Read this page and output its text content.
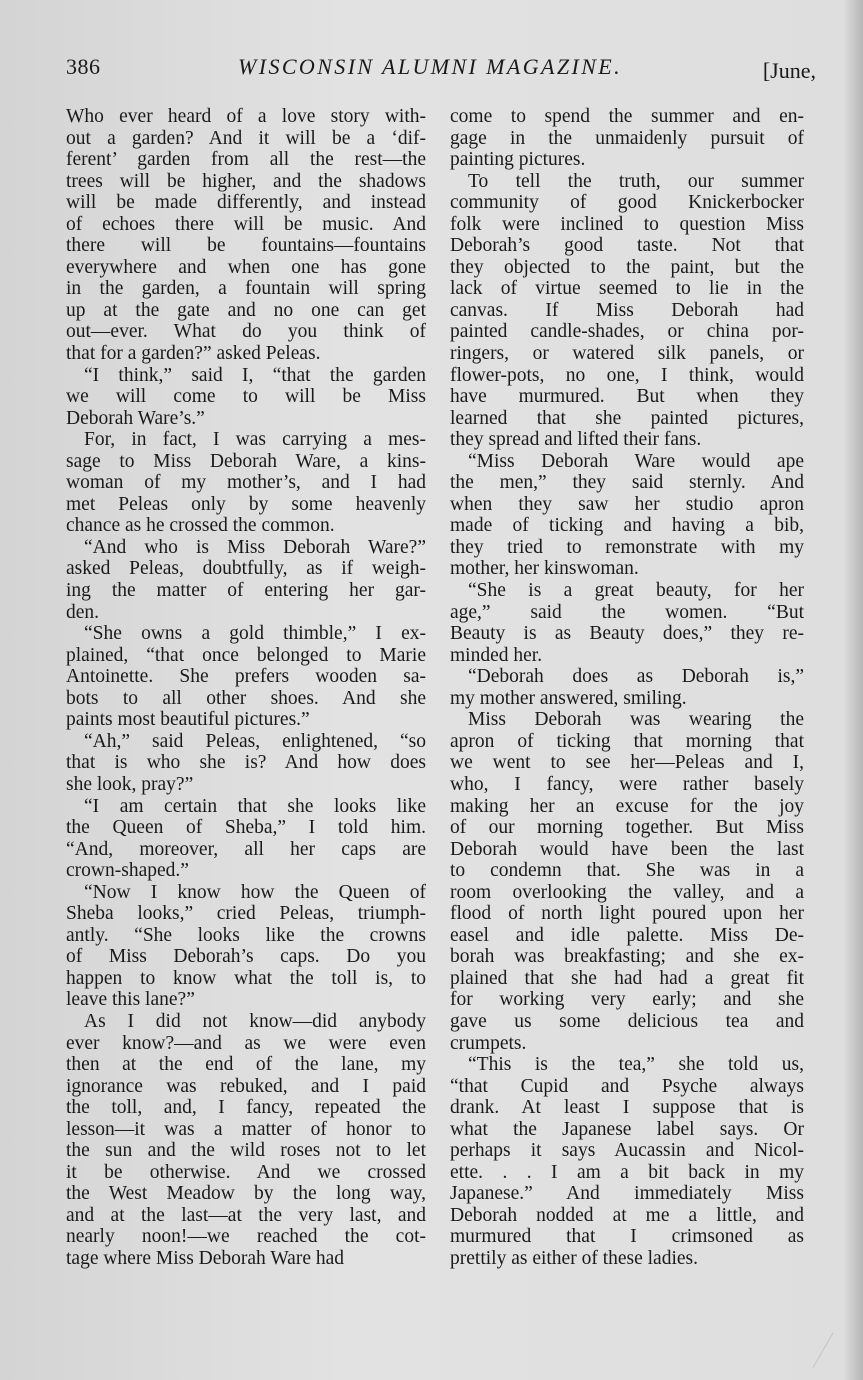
386	WISCONSIN ALUMNI MAGAZINE.	[June,
Who ever heard of a love story with-
out a garden? And it will be a ‘dif-
ferent’ garden from all the rest—the
trees will be higher, and the shadows
will be made differently, and instead
of echoes there will be music. And
there will be fountains—fountains
everywhere and when one has gone
in the garden, a fountain will spring
up at the gate and no one can get
out—ever. What do you think of
that for a garden?” asked Peleas.
“I think,” said I, “that the garden
we will come to will be Miss
Deborah Ware’s.”
For, in fact, I was carrying a mes-
sage to Miss Deborah Ware, a kins-
woman of my mother’s, and I had
met Peleas only by some heavenly
chance as he crossed the common.
“And who is Miss Deborah Ware?”
asked Peleas, doubtfully, as if weigh-
ing the matter of entering her gar-
den.
“She owns a gold thimble,” I ex-
plained, “that once belonged to Marie
Antoinette. She prefers wooden sa-
bots to all other shoes. And she
paints most beautiful pictures.”
“Ah,” said Peleas, enlightened, “so
that is who she is? And how does
she look, pray?”
“I am certain that she looks like
the Queen of Sheba,” I told him.
“And, moreover, all her caps are
crown-shaped.”
“Now I know how the Queen of
Sheba looks,” cried Peleas, triumph-
antly. “She looks like the crowns
of Miss Deborah’s caps. Do you
happen to know what the toll is, to
leave this lane?”
As I did not know—did anybody
ever know?—and as we were even
then at the end of the lane, my
ignorance was rebuked, and I paid
the toll, and, I fancy, repeated the
lesson—it was a matter of honor to
the sun and the wild roses not to let
it be otherwise. And we crossed
the West Meadow by the long way,
and at the last—at the very last, and
nearly noon!—we reached the cot-
tage where Miss Deborah Ware had
come to spend the summer and en-
gage in the unmaidenly pursuit of
painting pictures.
To tell the truth, our summer
community of good Knickerbocker
folk were inclined to question Miss
Deborah’s good taste. Not that
they objected to the paint, but the
lack of virtue seemed to lie in the
canvas. If Miss Deborah had
painted candle-shades, or china por-
ringers, or watered silk panels, or
flower-pots, no one, I think, would
have murmured. But when they
learned that she painted pictures,
they spread and lifted their fans.
“Miss Deborah Ware would ape
the men,” they said sternly. And
when they saw her studio apron
made of ticking and having a bib,
they tried to remonstrate with my
mother, her kinswoman.
“She is a great beauty, for her
age,” said the women. “But
Beauty is as Beauty does,” they re-
minded her.
“Deborah does as Deborah is,”
my mother answered, smiling.
Miss Deborah was wearing the
apron of ticking that morning that
we went to see her—Peleas and I,
who, I fancy, were rather basely
making her an excuse for the joy
of our morning together. But Miss
Deborah would have been the last
to condemn that. She was in a
room overlooking the valley, and a
flood of north light poured upon her
easel and idle palette. Miss De-
borah was breakfasting; and she ex-
plained that she had had a great fit
for working very early; and she
gave us some delicious tea and
crumpets.
“This is the tea,” she told us,
“that Cupid and Psyche always
drank. At least I suppose that is
what the Japanese label says. Or
perhaps it says Aucassin and Nicol-
ette. . . I am a bit back in my
Japanese.” And immediately Miss
Deborah nodded at me a little, and
murmured that I crimsoned as
prettily as either of these ladies.
